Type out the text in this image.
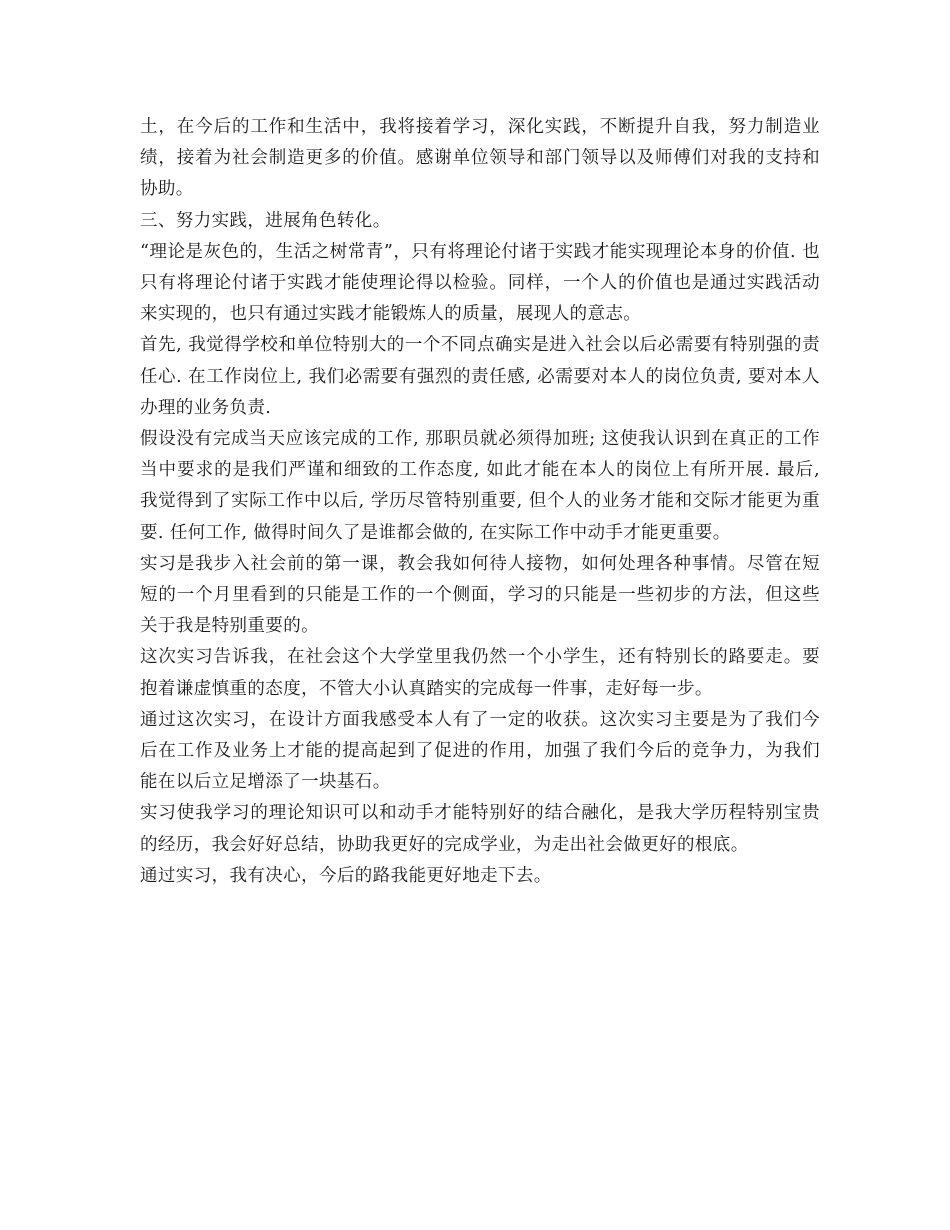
土，在今后的工作和生活中，我将接着学习，深化实践，不断提升自我，努力制造业绩，接着为社会制造更多的价值。感谢单位领导和部门领导以及师傅们对我的支持和协助。

三、努力实践，进展角色转化。

“理论是灰色的，生活之树常青”，只有将理论付诸于实践才能实现理论本身的价值. 也只有将理论付诸于实践才能使理论得以检验。同样，一个人的价值也是通过实践活动来实现的，也只有通过实践才能锻炼人的质量，展现人的意志。

首先, 我觉得学校和单位特别大的一个不同点确实是进入社会以后必需要有特别强的责任心. 在工作岗位上, 我们必需要有强烈的责任感, 必需要对本人的岗位负责, 要对本人办理的业务负责.

假设没有完成当天应该完成的工作, 那职员就必须得加班; 这使我认识到在真正的工作当中要求的是我们严谨和细致的工作态度, 如此才能在本人的岗位上有所开展. 最后, 我觉得到了实际工作中以后, 学历尽管特别重要, 但个人的业务才能和交际才能更为重要. 任何工作, 做得时间久了是谁都会做的, 在实际工作中动手才能更重要。

实习是我步入社会前的第一课，教会我如何待人接物，如何处理各种事情。尽管在短短的一个月里看到的只能是工作的一个侧面，学习的只能是一些初步的方法，但这些关于我是特别重要的。

这次实习告诉我，在社会这个大学堂里我仍然一个小学生，还有特别长的路要走。要抱着谦虚慎重的态度，不管大小认真踏实的完成每一件事，走好每一步。

通过这次实习，在设计方面我感受本人有了一定的收获。这次实习主要是为了我们今后在工作及业务上才能的提高起到了促进的作用，加强了我们今后的竞争力，为我们能在以后立足增添了一块基石。

实习使我学习的理论知识可以和动手才能特别好的结合融化，是我大学历程特别宝贵的经历，我会好好总结，协助我更好的完成学业，为走出社会做更好的根底。

通过实习，我有决心，今后的路我能更好地走下去。
